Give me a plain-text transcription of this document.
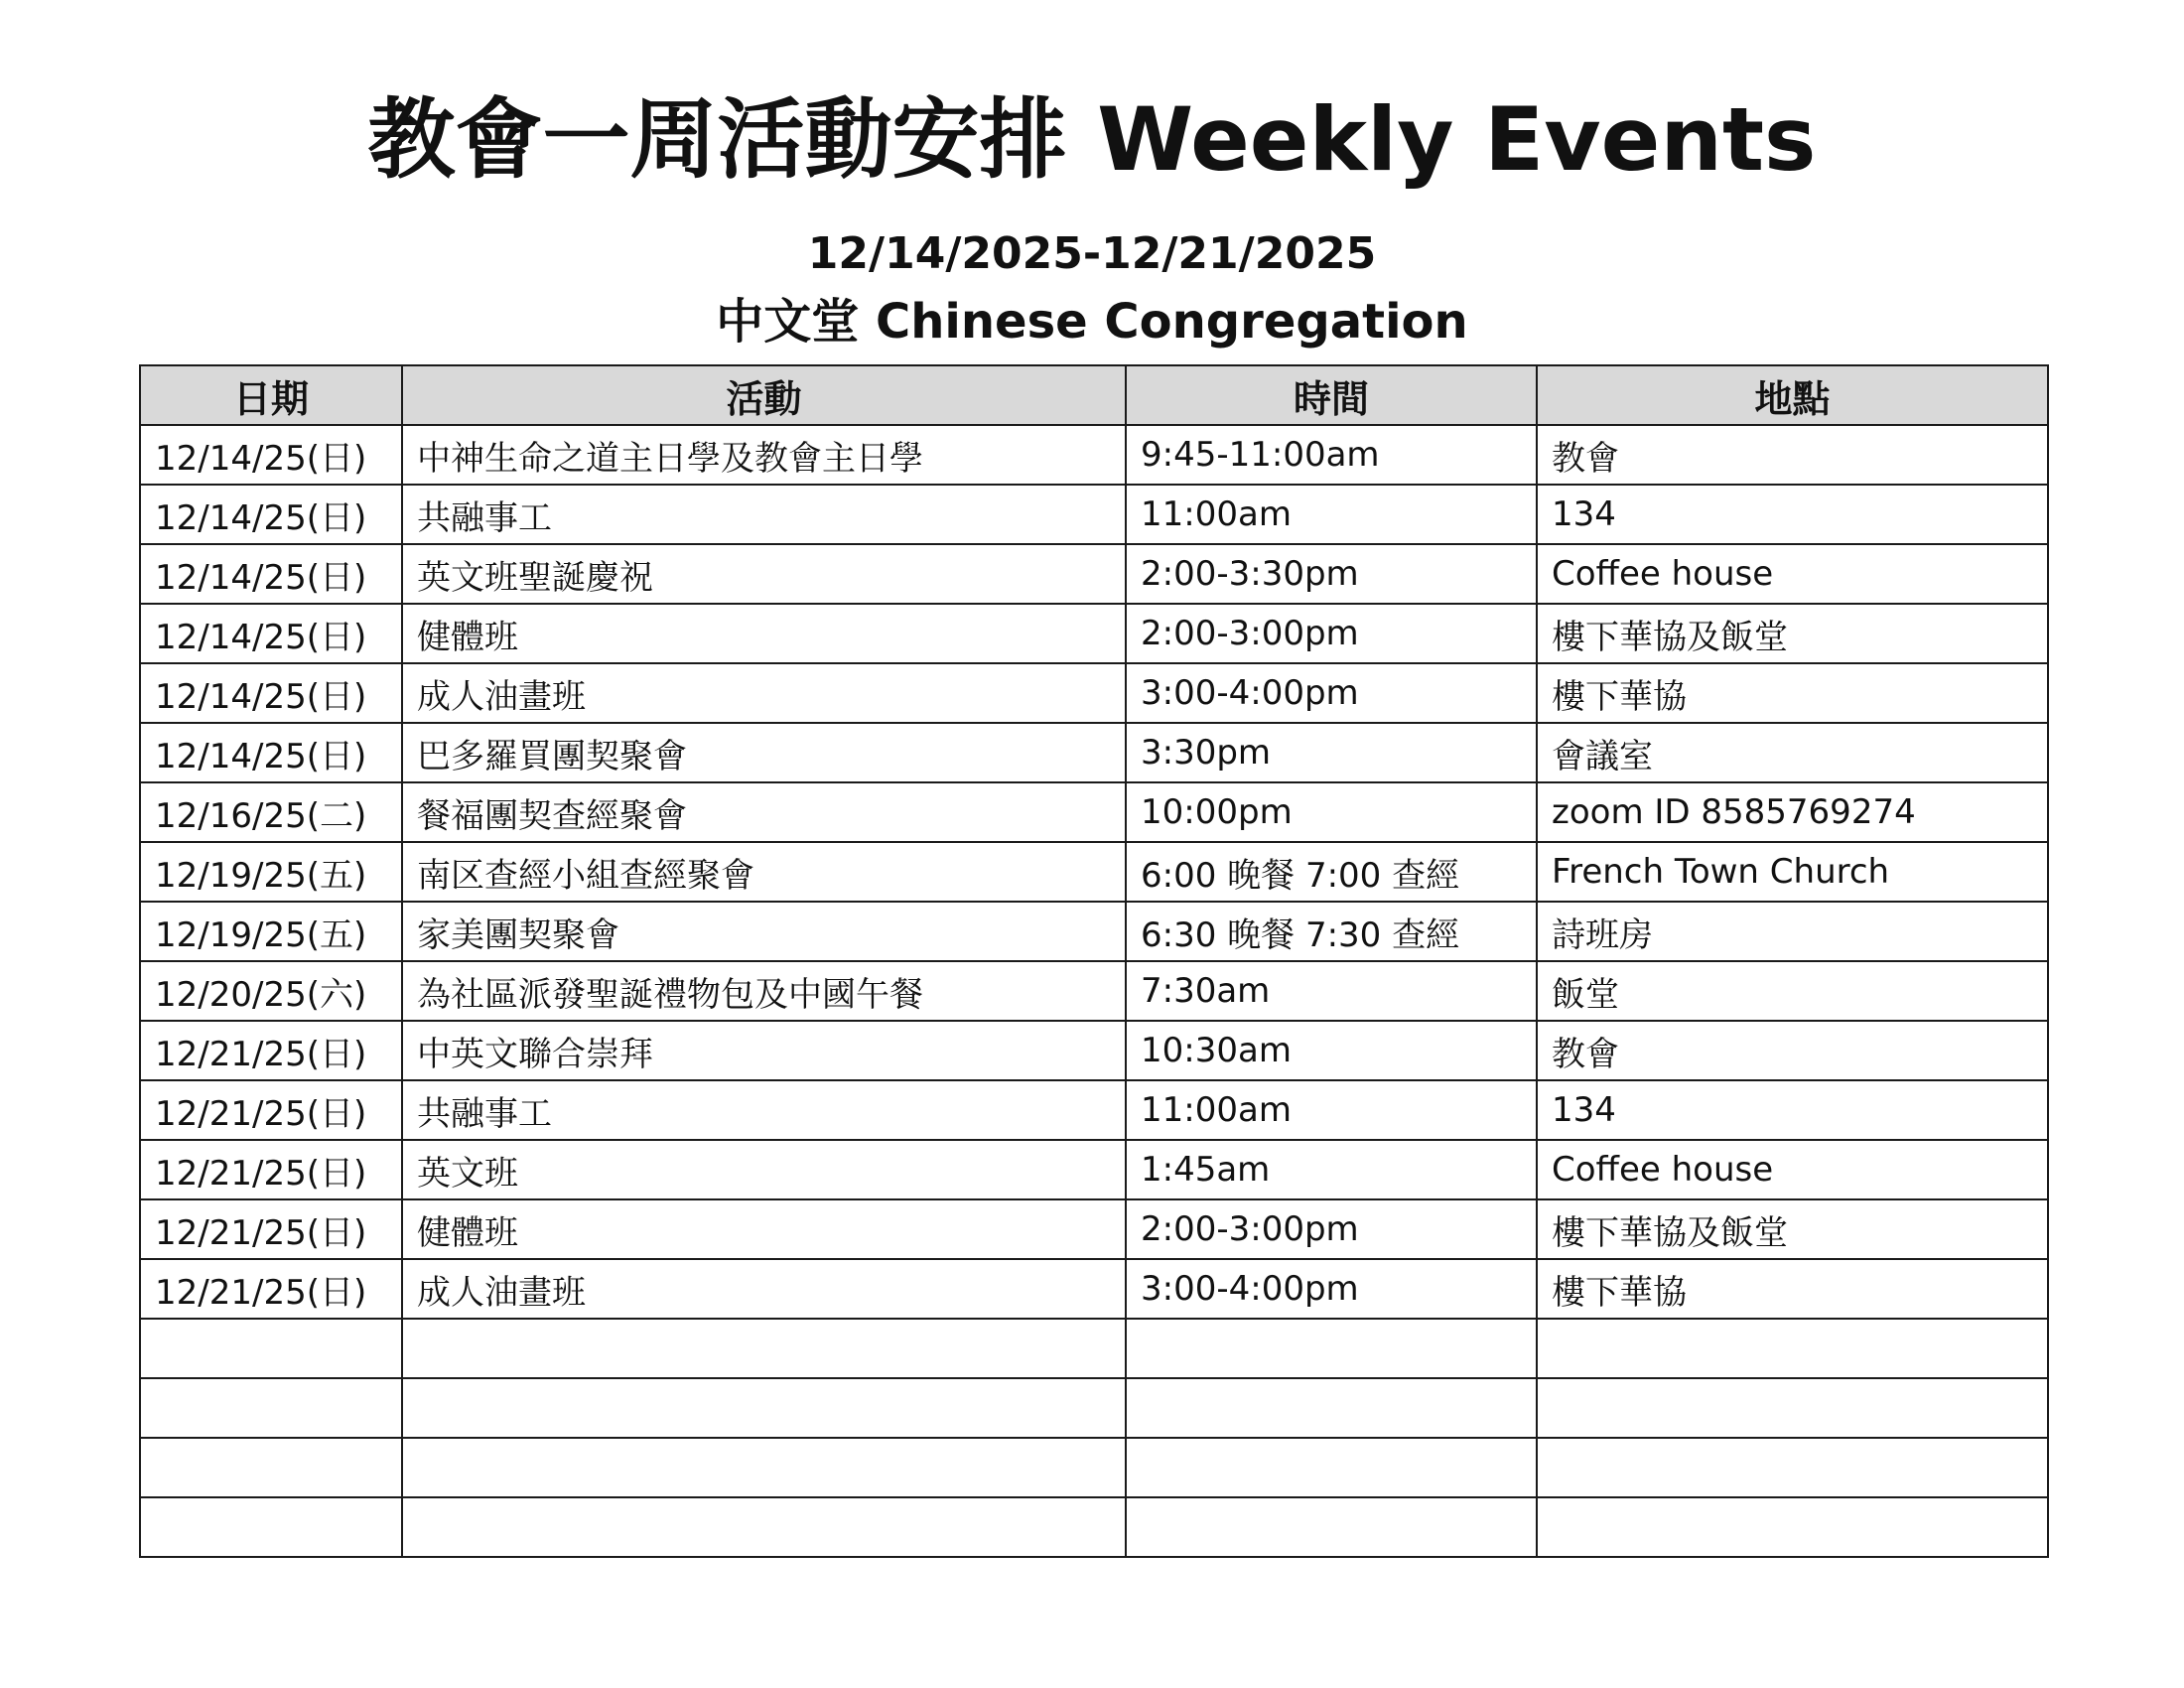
教會一周活動安排 Weekly Events
12/14/2025-12/21/2025
中文堂 Chinese Congregation
日期	活動	時間	地點
12/14/25(日)	中神生命之道主日學及教會主日學	9:45-11:00am	教會
12/14/25(日)	共融事工	11:00am	134
12/14/25(日)	英文班聖誕慶祝	2:00-3:30pm	Coffee house
12/14/25(日)	健體班	2:00-3:00pm	樓下華協及飯堂
12/14/25(日)	成人油畫班	3:00-4:00pm	樓下華協
12/14/25(日)	巴多羅買團契聚會	3:30pm	會議室
12/16/25(二)	餐福團契查經聚會	10:00pm	zoom ID 8585769274
12/19/25(五)	南区查經小組查經聚會	6:00 晚餐 7:00 查經	French Town Church
12/19/25(五)	家美團契聚會	6:30 晚餐 7:30 查經	詩班房
12/20/25(六)	為社區派發聖誕禮物包及中國午餐	7:30am	飯堂
12/21/25(日)	中英文聯合崇拜	10:30am	教會
12/21/25(日)	共融事工	11:00am	134
12/21/25(日)	英文班	1:45am	Coffee house
12/21/25(日)	健體班	2:00-3:00pm	樓下華協及飯堂
12/21/25(日)	成人油畫班	3:00-4:00pm	樓下華協
